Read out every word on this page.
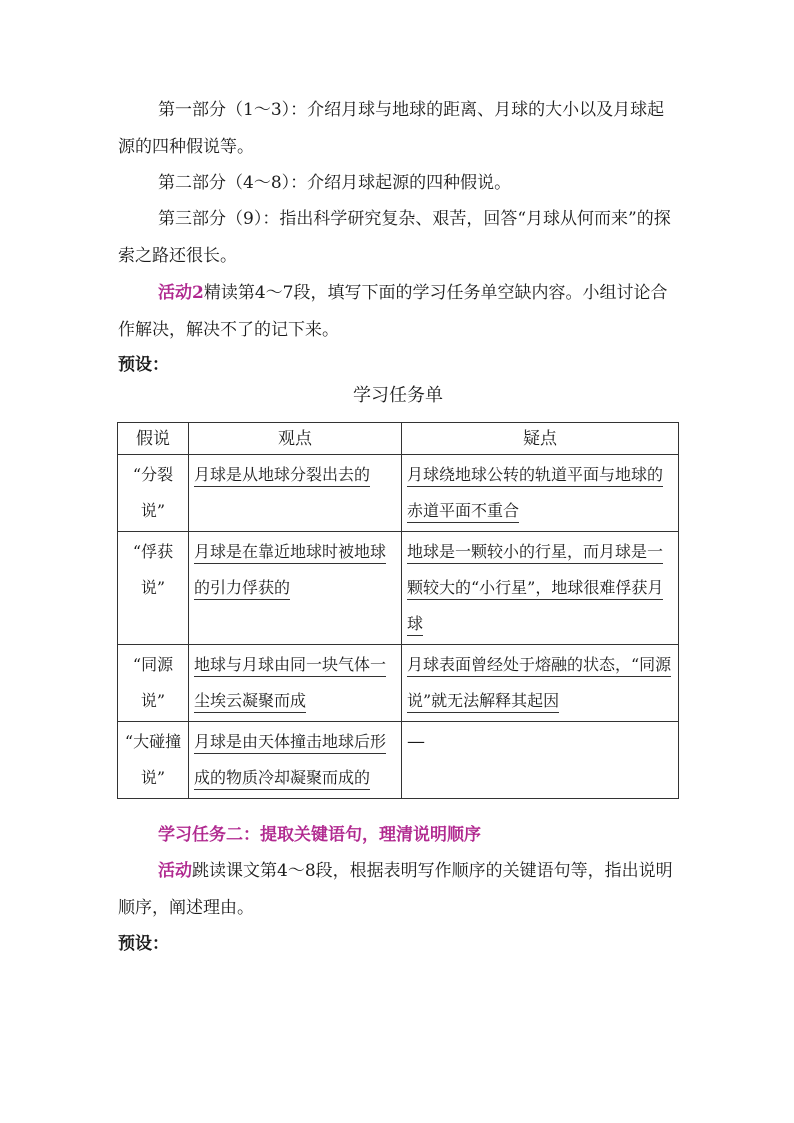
第一部分（1～3）：介绍月球与地球的距离、月球的大小以及月球起源的四种假说等。

第二部分（4～8）：介绍月球起源的四种假说。

第三部分（9）：指出科学研究复杂、艰苦，回答“月球从何而来”的探索之路还很长。

活动2精读第4～7段，填写下面的学习任务单空缺内容。小组讨论合作解决，解决不了的记下来。

预设：

学习任务单
假说	观点	疑点
“分裂说”	月球是从地球分裂出去的	月球绕地球公转的轨道平面与地球的赤道平面不重合
“俘获说”	月球是在靠近地球时被地球的引力俘获的	地球是一颗较小的行星，而月球是一颗较大的“小行星”，地球很难俘获月球
“同源说”	地球与月球由同一块气体一尘埃云凝聚而成	月球表面曾经处于熔融的状态，“同源说”就无法解释其起因
“大碰撞说”	月球是由天体撞击地球后形成的物质冷却凝聚而成的	—

学习任务二：提取关键语句，理清说明顺序

活动跳读课文第4～8段，根据表明写作顺序的关键语句等，指出说明顺序，阐述理由。

预设：
